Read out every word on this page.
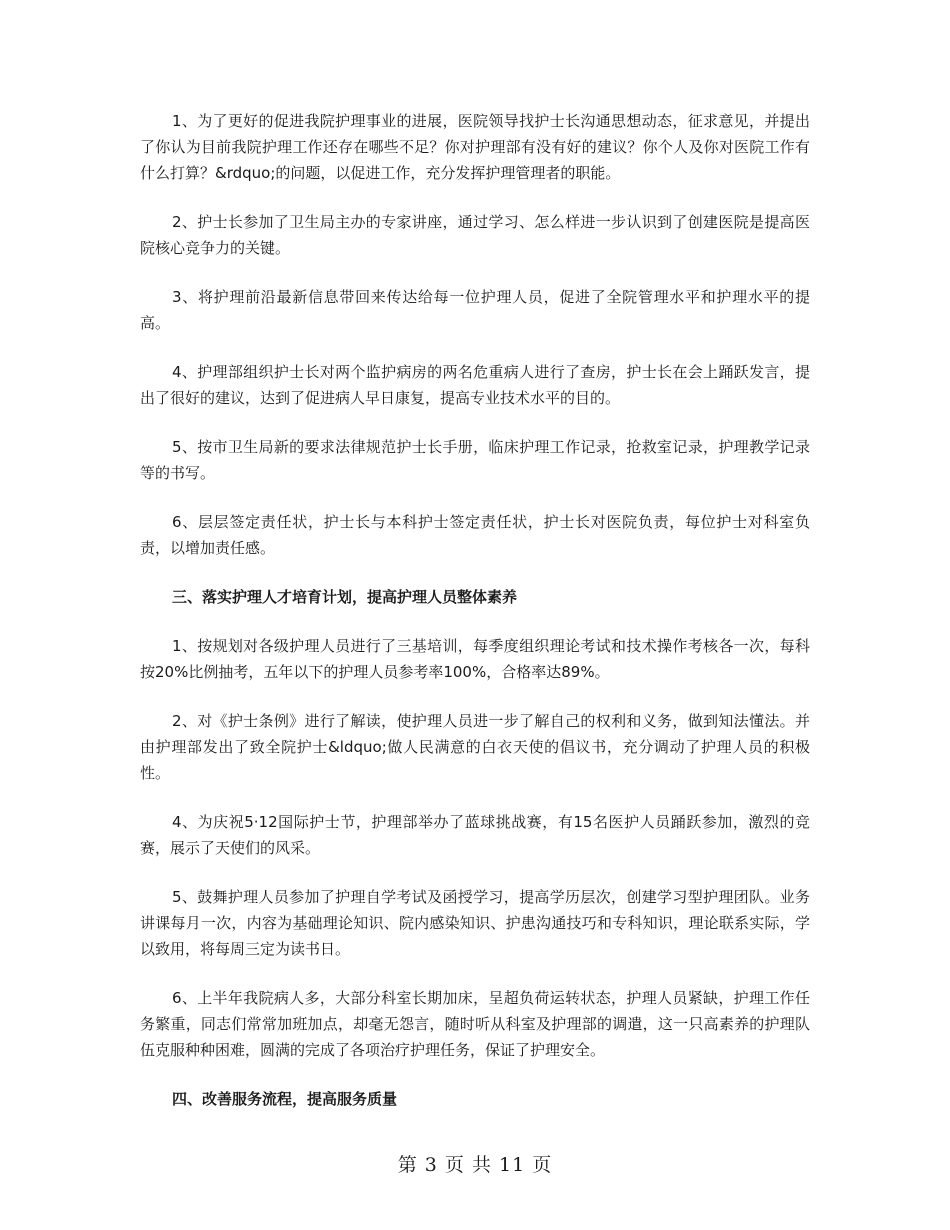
1、为了更好的促进我院护理事业的进展，医院领导找护士长沟通思想动态，征求意见，并提出了你认为目前我院护理工作还存在哪些不足？你对护理部有没有好的建议？你个人及你对医院工作有什么打算？&rdquo;的问题，以促进工作，充分发挥护理管理者的职能。

2、护士长参加了卫生局主办的专家讲座，通过学习、怎么样进一步认识到了创建医院是提高医院核心竞争力的关键。

3、将护理前沿最新信息带回来传达给每一位护理人员，促进了全院管理水平和护理水平的提高。

4、护理部组织护士长对两个监护病房的两名危重病人进行了查房，护士长在会上踊跃发言，提出了很好的建议，达到了促进病人早日康复，提高专业技术水平的目的。

5、按市卫生局新的要求法律规范护士长手册，临床护理工作记录，抢救室记录，护理教学记录等的书写。

6、层层签定责任状，护士长与本科护士签定责任状，护士长对医院负责，每位护士对科室负责，以增加责任感。

三、落实护理人才培育计划，提高护理人员整体素养

1、按规划对各级护理人员进行了三基培训，每季度组织理论考试和技术操作考核各一次，每科按20%比例抽考，五年以下的护理人员参考率100%，合格率达89%。

2、对《护士条例》进行了解读，使护理人员进一步了解自己的权利和义务，做到知法懂法。并由护理部发出了致全院护士&ldquo;做人民满意的白衣天使的倡议书，充分调动了护理人员的积极性。

4、为庆祝5·12国际护士节，护理部举办了蓝球挑战赛，有15名医护人员踊跃参加，激烈的竞赛，展示了天使们的风采。

5、鼓舞护理人员参加了护理自学考试及函授学习，提高学历层次，创建学习型护理团队。业务讲课每月一次，内容为基础理论知识、院内感染知识、护患沟通技巧和专科知识，理论联系实际，学以致用，将每周三定为读书日。

6、上半年我院病人多，大部分科室长期加床，呈超负荷运转状态，护理人员紧缺，护理工作任务繁重，同志们常常加班加点，却毫无怨言，随时听从科室及护理部的调遣，这一只高素养的护理队伍克服种种困难，圆满的完成了各项治疗护理任务，保证了护理安全。

四、改善服务流程，提高服务质量

第 3 页 共 11 页
